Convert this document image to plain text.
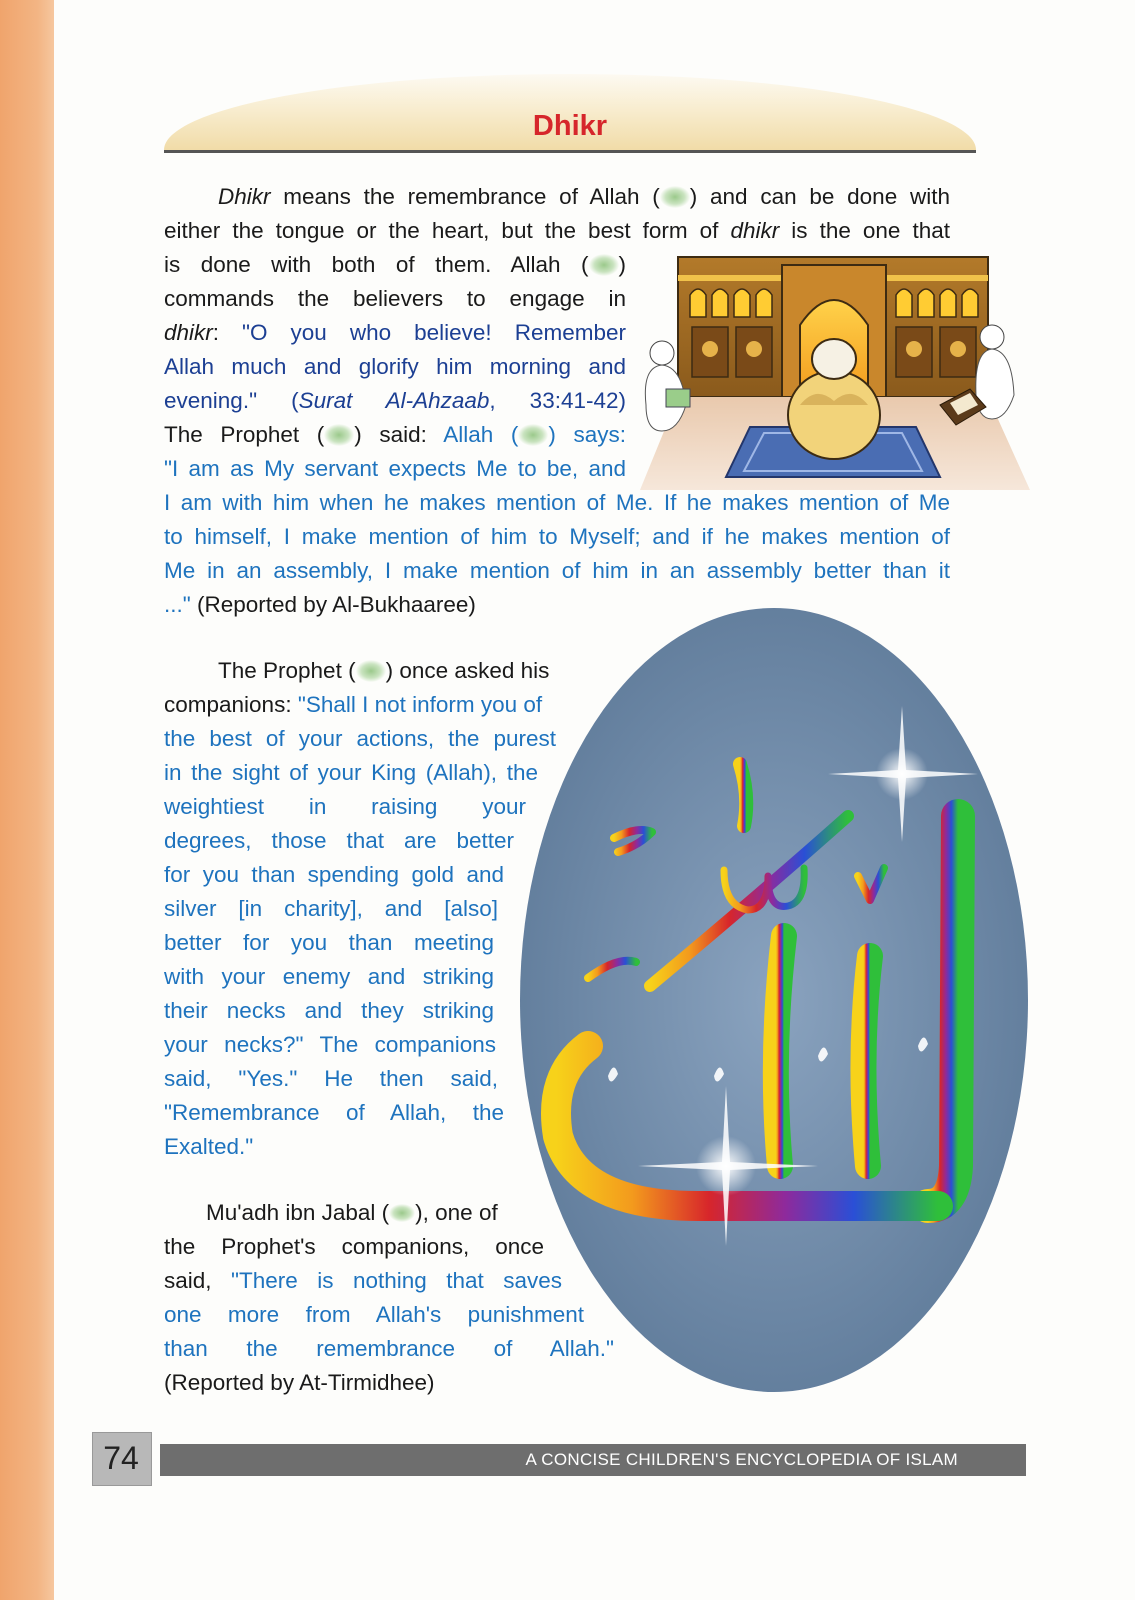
Dhikr

Dhikr means the remembrance of Allah ( ) and can be done with

either the tongue or the heart, but the best form of dhikr is the one that

is done with both of them. Allah ( )

commands the believers to engage in

dhikr: "O you who believe! Remember

Allah much and glorify him morning and

evening." (Surat Al-Ahzaab, 33:41-42)

The Prophet ( ) said: Allah ( ) says:

"I am as My servant expects Me to be, and

I am with him when he makes mention of Me. If he makes mention of Me

to himself, I make mention of him to Myself; and if he makes mention of

Me in an assembly, I make mention of him in an assembly better than it

..." (Reported by Al-Bukhaaree)

The Prophet ( ) once asked his

companions: "Shall I not inform you of

the best of your actions, the purest

in the sight of your King (Allah), the

weightiest in raising your

degrees, those that are better

for you than spending gold and

silver [in charity], and [also]

better for you than meeting

with your enemy and striking

their necks and they striking

your necks?" The companions

said, "Yes." He then said,

"Remembrance of Allah, the

Exalted."

Mu'adh ibn Jabal ( ), one of

the Prophet's companions, once

said, "There is nothing that saves

one more from Allah's punishment

than the remembrance of Allah."

(Reported by At-Tirmidhee)

74	A CONCISE CHILDREN'S ENCYCLOPEDIA OF ISLAM
